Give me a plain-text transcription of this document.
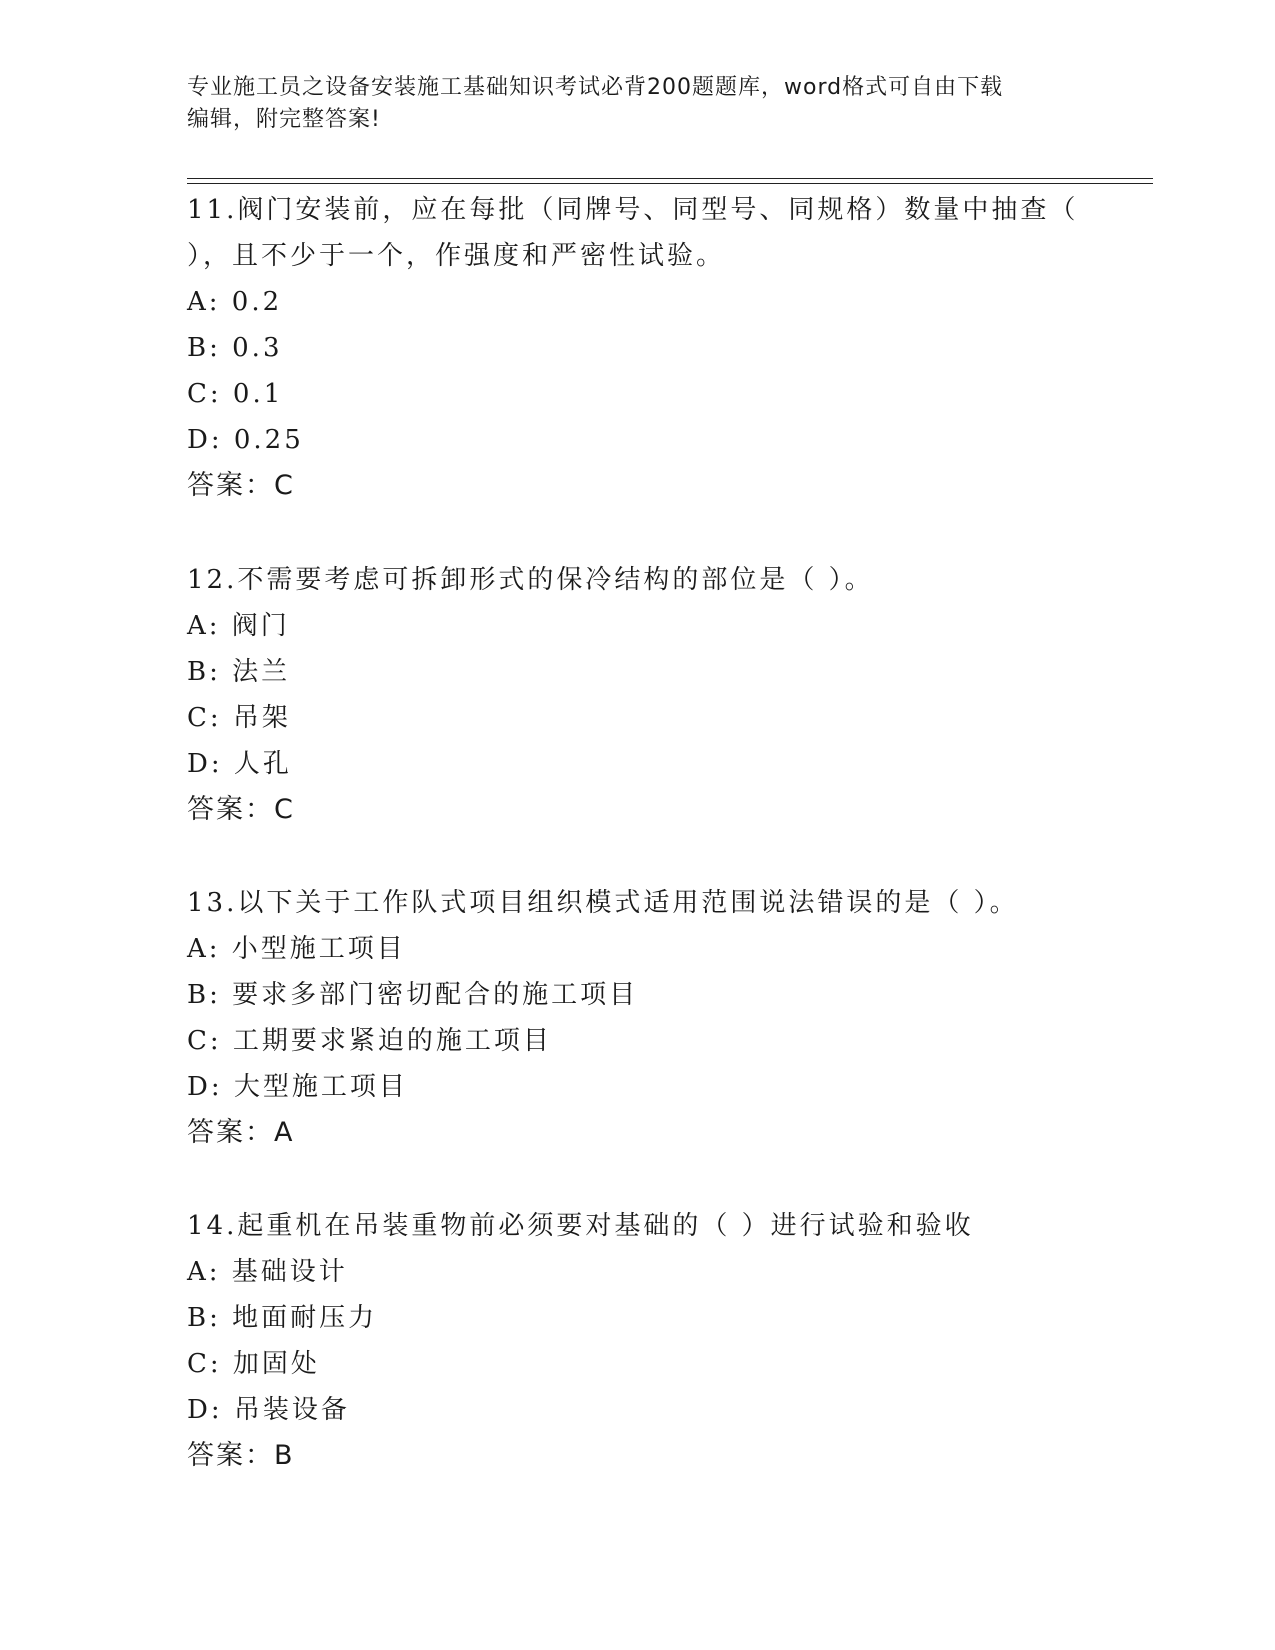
专业施工员之设备安装施工基础知识考试必背200题题库，word格式可自由下载
编辑，附完整答案!
11.阀门安装前，应在每批（同牌号、同型号、同规格）数量中抽查（
），且不少于一个，作强度和严密性试验。
A: 0.2
B: 0.3
C: 0.1
D: 0.25
答案：C
12.不需要考虑可拆卸形式的保冷结构的部位是（ ）。
A: 阀门
B: 法兰
C: 吊架
D: 人孔
答案：C
13.以下关于工作队式项目组织模式适用范围说法错误的是（ ）。
A: 小型施工项目
B: 要求多部门密切配合的施工项目
C: 工期要求紧迫的施工项目
D: 大型施工项目
答案：A
14.起重机在吊装重物前必须要对基础的（ ）进行试验和验收
A: 基础设计
B: 地面耐压力
C: 加固处
D: 吊装设备
答案：B
